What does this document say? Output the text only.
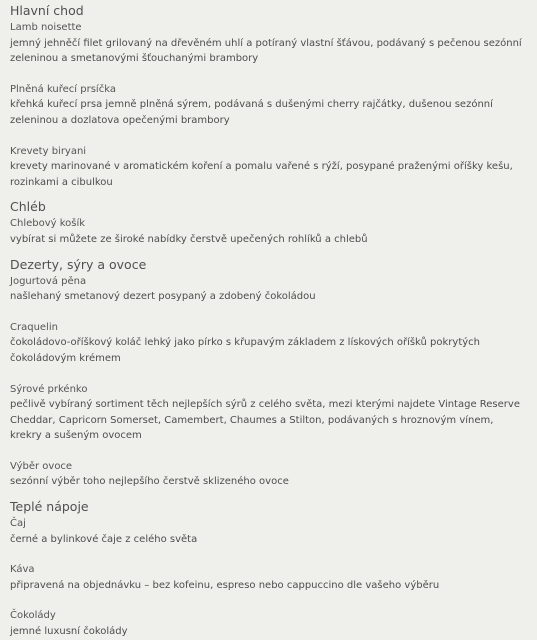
Hlavní chod
Lamb noisette
jemný jehněčí filet grilovaný na dřevěném uhlí a potíraný vlastní šťávou, podávaný s pečenou sezónní zeleninou a smetanovými šťouchanými brambory
Plněná kuřecí prsíčka
křehká kuřecí prsa jemně plněná sýrem, podávaná s dušenými cherry rajčátky, dušenou sezónní zeleninou a dozlatova opečenými brambory
Krevety biryani
krevety marinované v aromatickém koření a pomalu vařené s rýží, posypané praženými oříšky kešu, rozinkami a cibulkou
Chléb
Chlebový košík
vybírat si můžete ze široké nabídky čerstvě upečených rohlíků a chlebů
Dezerty, sýry a ovoce
Jogurtová pěna
našlehaný smetanový dezert posypaný a zdobený čokoládou
Craquelin
čokoládovo-oříškový koláč lehký jako pírko s křupavým základem z lískových oříšků pokrytých čokoládovým krémem
Sýrové prkénko
pečlivě vybíraný sortiment těch nejlepších sýrů z celého světa, mezi kterými najdete Vintage Reserve Cheddar, Capricorn Somerset, Camembert, Chaumes a Stilton, podávaných s hroznovým vínem, krekry a sušeným ovocem
Výběr ovoce
sezónní výběr toho nejlepšího čerstvě sklizeného ovoce
Teplé nápoje
Čaj
černé a bylinkové čaje z celého světa
Káva
připravená na objednávku – bez kofeinu, espreso nebo cappuccino dle vašeho výběru
Čokolády
jemné luxusní čokolády
